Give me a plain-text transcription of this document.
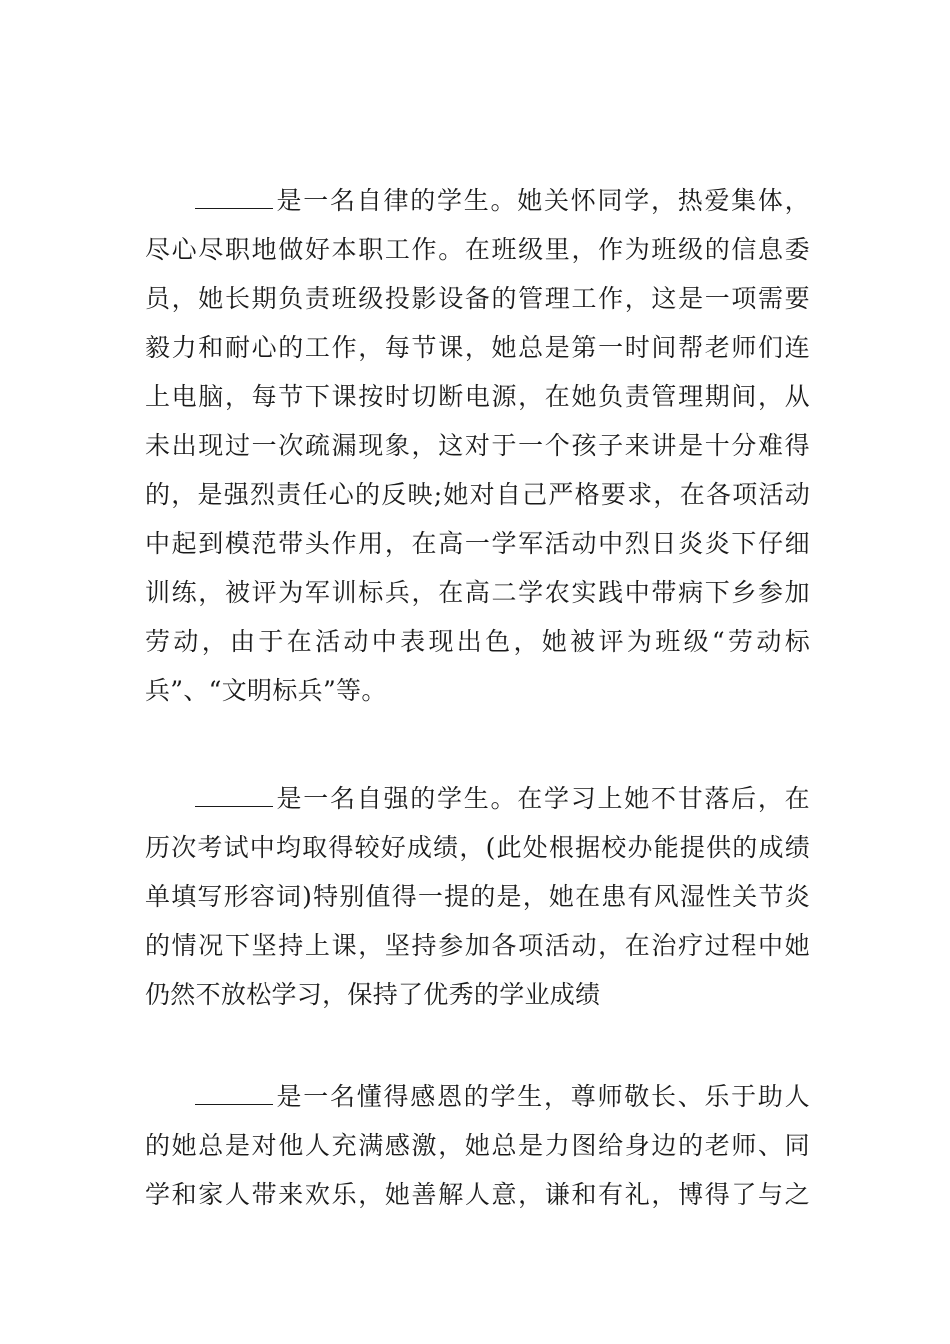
是一名自律的学生。她关怀同学，热爱集体，
尽心尽职地做好本职工作。在班级里，作为班级的信息委
员，她长期负责班级投影设备的管理工作，这是一项需要
毅力和耐心的工作，每节课，她总是第一时间帮老师们连
上电脑，每节下课按时切断电源，在她负责管理期间，从
未出现过一次疏漏现象，这对于一个孩子来讲是十分难得
的，是强烈责任心的反映;她对自己严格要求，在各项活动
中起到模范带头作用，在高一学军活动中烈日炎炎下仔细
训练，被评为军训标兵，在高二学农实践中带病下乡参加
劳动，由于在活动中表现出色，她被评为班级“劳动标
兵”、“文明标兵”等。
是一名自强的学生。在学习上她不甘落后，在
历次考试中均取得较好成绩，(此处根据校办能提供的成绩
单填写形容词)特别值得一提的是，她在患有风湿性关节炎
的情况下坚持上课，坚持参加各项活动，在治疗过程中她
仍然不放松学习，保持了优秀的学业成绩
是一名懂得感恩的学生，尊师敬长、乐于助人
的她总是对他人充满感激，她总是力图给身边的老师、同
学和家人带来欢乐，她善解人意，谦和有礼，博得了与之
